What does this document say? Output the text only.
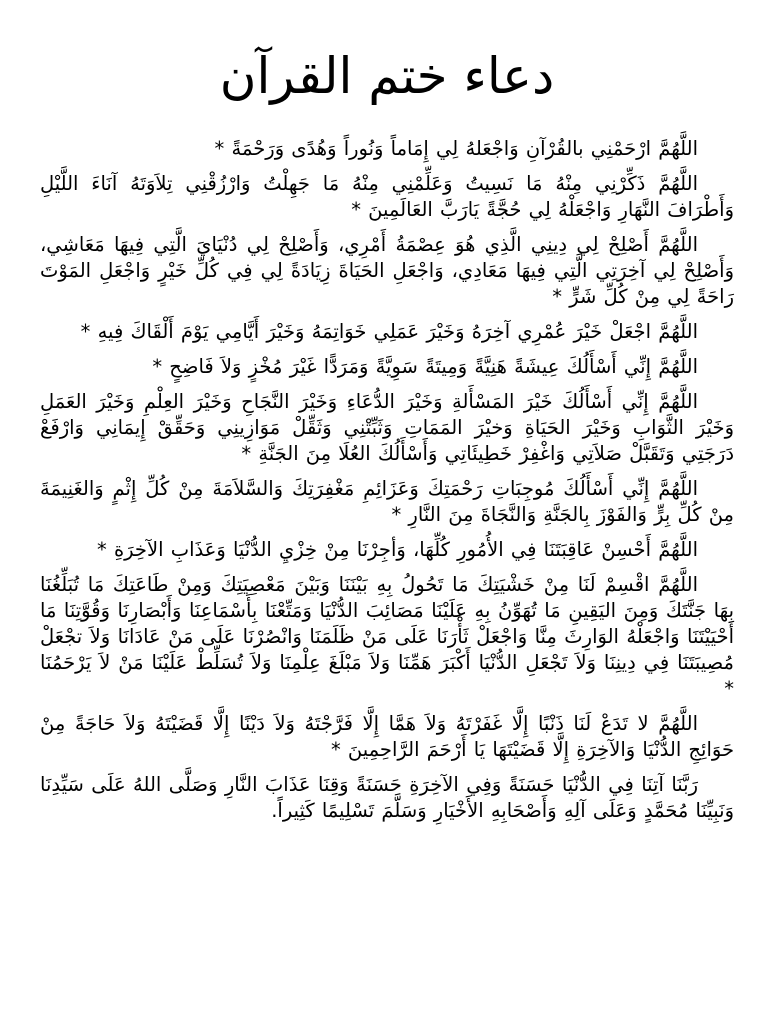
دعاء ختم القرآن

اللَّهُمَّ ارْحَمْنِي بالقُرْآنِ وَاجْعَلهُ لِي إِمَاماً وَنُوراً وَهُدًى وَرَحْمَةً *

اللَّهُمَّ ذَكِّرْنِي مِنْهُ مَا نَسِيتُ وَعَلِّمْنِي مِنْهُ مَا جَهِلْتُ وَارْزُقْنِي تِلاَوَتَهُ آنَاءَ اللَّيْلِ وَأَطْرَافَ النَّهَارِ وَاجْعَلْهُ لِي حُجَّةً يَارَبَّ العَالَمِينَ *

اللَّهُمَّ أَصْلِحْ لِي دِينِي الَّذِي هُوَ عِصْمَةُ أَمْرِي، وَأَصْلِحْ لِي دُنْيَايَ الَّتِي فِيهَا مَعَاشِي، وَأَصْلِحْ لِي آخِرَتِي الَّتِي فِيهَا مَعَادِي، وَاجْعَلِ الحَيَاةَ زِيَادَةً لِي فِي كُلِّ خَيْرٍ وَاجْعَلِ المَوْتَ رَاحَةً لِي مِنْ كُلِّ شَرٍّ *

اللَّهُمَّ اجْعَلْ خَيْرَ عُمْرِي آخِرَهُ وَخَيْرَ عَمَلِي خَوَاتِمَهُ وَخَيْرَ أَيَّامِي يَوْمَ أَلْقَاكَ فِيهِ *

اللَّهُمَّ إِنِّي أَسْأَلُكَ عِيشَةً هَنِيَّةً وَمِيتَةً سَوِيَّةً وَمَرَدًّا غَيْرَ مُخْزٍ وَلاَ فَاضِحٍ *

اللَّهُمَّ إِنِّي أَسْأَلُكَ خَيْرَ المَسْأَلةِ وَخَيْرَ الدُّعَاءِ وَخَيْرَ النَّجَاحِ وَخَيْرَ العِلْمِ وَخَيْرَ العَمَلِ وَخَيْرَ الثَّوَابِ وَخَيْرَ الحَيَاةِ وَخيْرَ المَمَاتِ وَثَبِّتْنِي وَثَقِّلْ مَوَازِينِي وَحَقِّقْ إِيمَانِي وَارْفَعْ دَرَجَتِي وَتَقَبَّلْ صَلاَتِي وَاغْفِرْ خَطِيئَاتِي وَأَسْأَلُكَ العُلَا مِنَ الجَنَّةِ *

اللَّهُمَّ إِنِّي أَسْأَلُكَ مُوجِبَاتِ رَحْمَتِكَ وَعَزَائِمِ مَغْفِرَتِكَ وَالسَّلاَمَةَ مِنْ كُلِّ إِثْمٍ وَالغَنِيمَةَ مِنْ كُلِّ بِرٍّ وَالفَوْزَ بِالجَنَّةِ وَالنَّجَاةَ مِنَ النَّارِ *

اللَّهُمَّ أَحْسِنْ عَاقِبَتَنَا فِي الأُمُورِ كُلِّهَا، وَأجِرْنَا مِنْ خِزْيِ الدُّنْيَا وَعَذَابِ الآخِرَةِ *

اللَّهُمَّ اقْسِمْ لَنَا مِنْ خَشْيَتِكَ مَا تَحُولُ بِهِ بَيْنَنَا وَبَيْنَ مَعْصِيَتِكَ وَمِنْ طَاعَتِكَ مَا تُبَلِّغُنَا بِهَا جَنَّتَكَ وَمِنَ اليَقِينِ مَا تُهَوِّنُ بِهِ عَلَيْنَا مَصَائِبَ الدُّنْيَا وَمَتِّعْنَا بِأَسْمَاعِنَا وَأَبْصَارِنَا وَقُوَّتِنَا مَا أَحْيَيْتَنَا وَاجْعَلْهُ الوَارِثَ مِنَّا وَاجْعَلْ ثَأْرَنَا عَلَى مَنْ ظَلَمَنَا وَانْصُرْنَا عَلَى مَنْ عَادَانَا وَلاَ تجْعَلْ مُصِيبَتَنَا فِي دِينِنَا وَلاَ تَجْعَلِ الدُّنْيَا أَكْبَرَ هَمِّنَا وَلاَ مَبْلَغَ عِلْمِنَا وَلاَ تُسَلِّطْ عَلَيْنَا مَنْ لاَ يَرْحَمُنَا *

اللَّهُمَّ لا تَدَعْ لَنَا ذَنْبًا إِلَّا غَفَرْتَهُ وَلاَ هَمَّا إِلَّا فَرَّجْتَهُ وَلاَ دَيْنًا إِلَّا قَضَيْتَهُ وَلاَ حَاجَةً مِنْ حَوَائِجِ الدُّنْيَا وَالآخِرَةِ إِلَّا قَضَيْتَهَا يَا أَرْحَمَ الرَّاحِمِينَ *

رَبَّنَا آتِنَا فِي الدُّنْيَا حَسَنَةً وَفِي الآخِرَةِ حَسَنَةً وَقِنَا عَذَابَ النَّارِ وَصَلَّى اللهُ عَلَى سَيِّدِنَا وَنَبِيِّنَا مُحَمَّدٍ وَعَلَى آلِهِ وَأَصْحَابِهِ الأَخْيَارِ وَسَلَّمَ تَسْلِيمًا كَثِيراً.
